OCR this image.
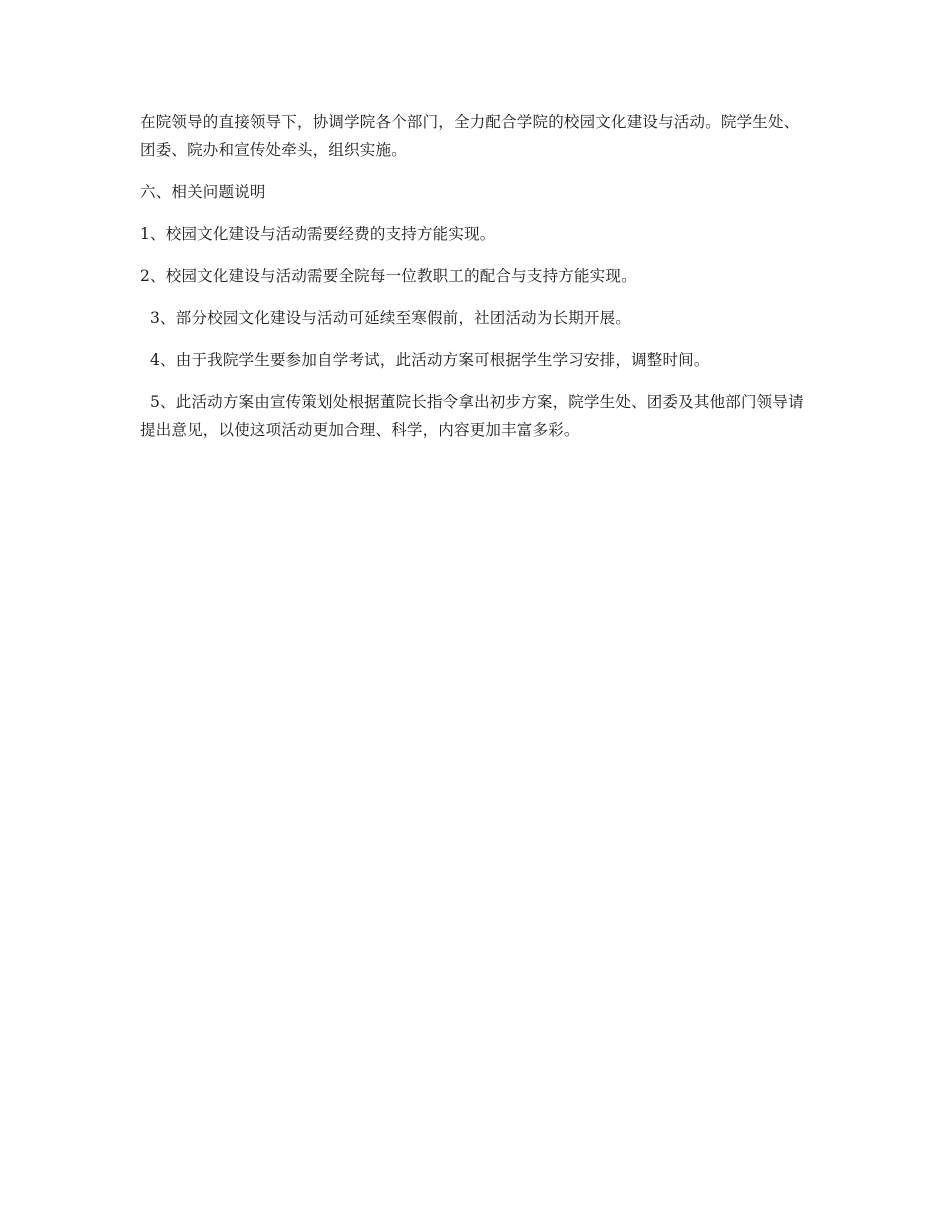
在院领导的直接领导下，协调学院各个部门，全力配合学院的校园文化建设与活动。院学生处、团委、院办和宣传处牵头，组织实施。

六、相关问题说明

1、校园文化建设与活动需要经费的支持方能实现。

2、校园文化建设与活动需要全院每一位教职工的配合与支持方能实现。

3、部分校园文化建设与活动可延续至寒假前，社团活动为长期开展。

4、由于我院学生要参加自学考试，此活动方案可根据学生学习安排，调整时间。

5、此活动方案由宣传策划处根据董院长指令拿出初步方案，院学生处、团委及其他部门领导请提出意见，以使这项活动更加合理、科学，内容更加丰富多彩。
